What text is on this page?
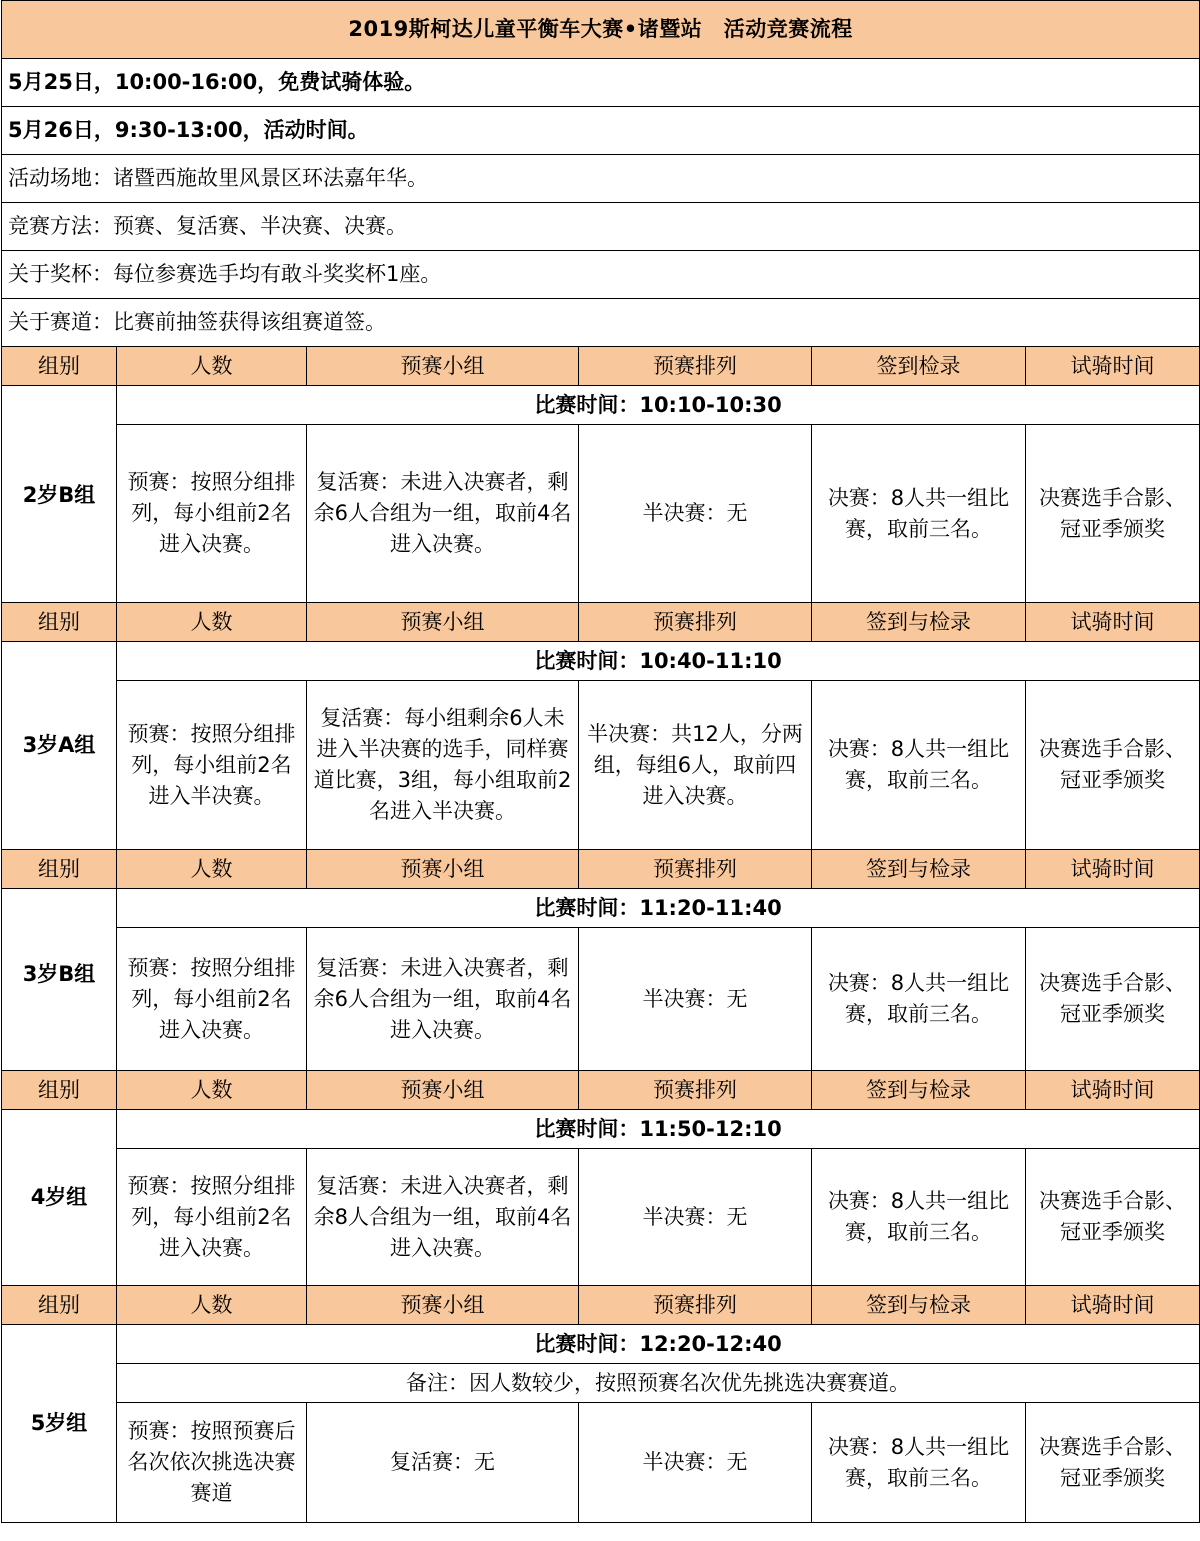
2019斯柯达儿童平衡车大赛•诸暨站　活动竞赛流程					
5月25日，10:00-16:00，免费试骑体验。					
5月26日，9:30-13:00，活动时间。					
活动场地：诸暨西施故里风景区环法嘉年华。					
竞赛方法：预赛、复活赛、半决赛、决赛。					
关于奖杯：每位参赛选手均有敢斗奖奖杯1座。					
关于赛道：比赛前抽签获得该组赛道签。					
组别	人数	预赛小组	预赛排列	签到检录	试骑时间
2岁B组	比赛时间：10:10-10:30				
	预赛：按照分组排列，每小组前2名进入决赛。	复活赛：未进入决赛者，剩余6人合组为一组，取前4名进入决赛。	半决赛：无	决赛：8人共一组比赛，取前三名。	决赛选手合影、冠亚季颁奖
组别	人数	预赛小组	预赛排列	签到与检录	试骑时间
3岁A组	比赛时间：10:40-11:10				
	预赛：按照分组排列，每小组前2名进入半决赛。	复活赛：每小组剩余6人未进入半决赛的选手，同样赛道比赛，3组，每小组取前2名进入半决赛。	半决赛：共12人，分两组，每组6人，取前四进入决赛。	决赛：8人共一组比赛，取前三名。	决赛选手合影、冠亚季颁奖
组别	人数	预赛小组	预赛排列	签到与检录	试骑时间
3岁B组	比赛时间：11:20-11:40				
	预赛：按照分组排列，每小组前2名进入决赛。	复活赛：未进入决赛者，剩余6人合组为一组，取前4名进入决赛。	半决赛：无	决赛：8人共一组比赛，取前三名。	决赛选手合影、冠亚季颁奖
组别	人数	预赛小组	预赛排列	签到与检录	试骑时间
4岁组	比赛时间：11:50-12:10				
	预赛：按照分组排列，每小组前2名进入决赛。	复活赛：未进入决赛者，剩余8人合组为一组，取前4名进入决赛。	半决赛：无	决赛：8人共一组比赛，取前三名。	决赛选手合影、冠亚季颁奖
组别	人数	预赛小组	预赛排列	签到与检录	试骑时间
5岁组	比赛时间：12:20-12:40				
	备注：因人数较少，按照预赛名次优先挑选决赛赛道。				
	预赛：按照预赛后名次依次挑选决赛赛道	复活赛：无	半决赛：无	决赛：8人共一组比赛，取前三名。	决赛选手合影、冠亚季颁奖
